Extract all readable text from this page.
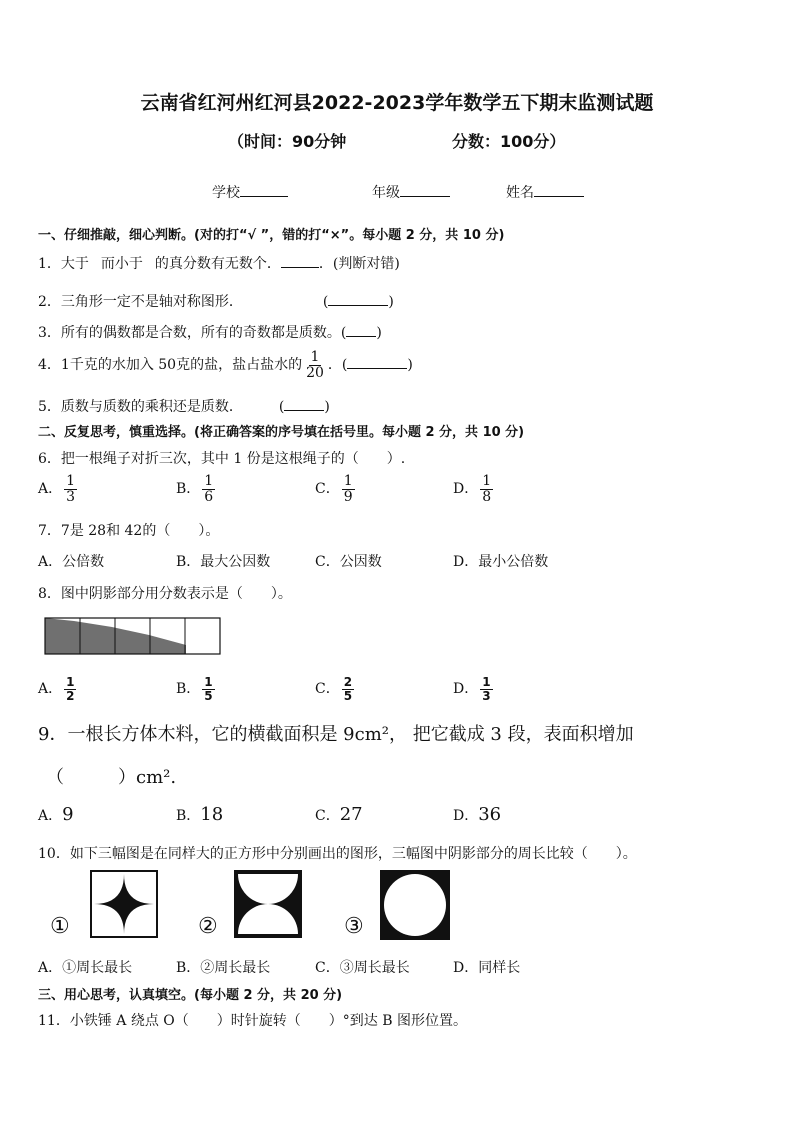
云南省红河州红河县2022-2023学年数学五下期末监测试题
（时间：90分钟	分数：100分）
学校	年级	姓名
一、仔细推敲，细心判断。(对的打“√ ”，错的打“×”。每小题 2 分，共 10 分)
1．大于 而小于 的真分数有无数个．	．(判断对错)
2．三角形一定不是轴对称图形．	(	)
3．所有的偶数都是合数，所有的奇数都是质数。( )
4．1千克的水加入 50克的盐，盐占盐水的 $\frac{1}{20}$ ．(	)
5．质数与质数的乘积还是质数．	(	)
二、反复思考，慎重选择。(将正确答案的序号填在括号里。每小题 2 分，共 10 分)
6．把一根绳子对折三次，其中 1 份是这根绳子的（　　）.
A． $\frac{1}{3}$	B． $\frac{1}{6}$	C． $\frac{1}{9}$	D． $\frac{1}{8}$
7．7是 28和 42的（　　）。
A．公倍数	B．最大公因数	C．公因数	D．最小公倍数
8．图中阴影部分用分数表示是（　　）。
A． $\frac{1}{2}$	B． $\frac{1}{5}$	C． $\frac{2}{5}$	D． $\frac{1}{3}$
9．一根长方体木料，它的横截面积是 9cm²， 把它截成 3 段，表面积增加
（　　　）cm².
A．9	B．18	C．27	D．36
10．如下三幅图是在同样大的正方形中分别画出的图形，三幅图中阴影部分的周长比较（　　）。
①	②	③
A．①周长最长	B．②周长最长	C．③周长最长	D．同样长
三、用心思考，认真填空。(每小题 2 分，共 20 分)
11．小铁锤 A 绕点 O（　　）时针旋转（　　）°到达 B 图形位置。
